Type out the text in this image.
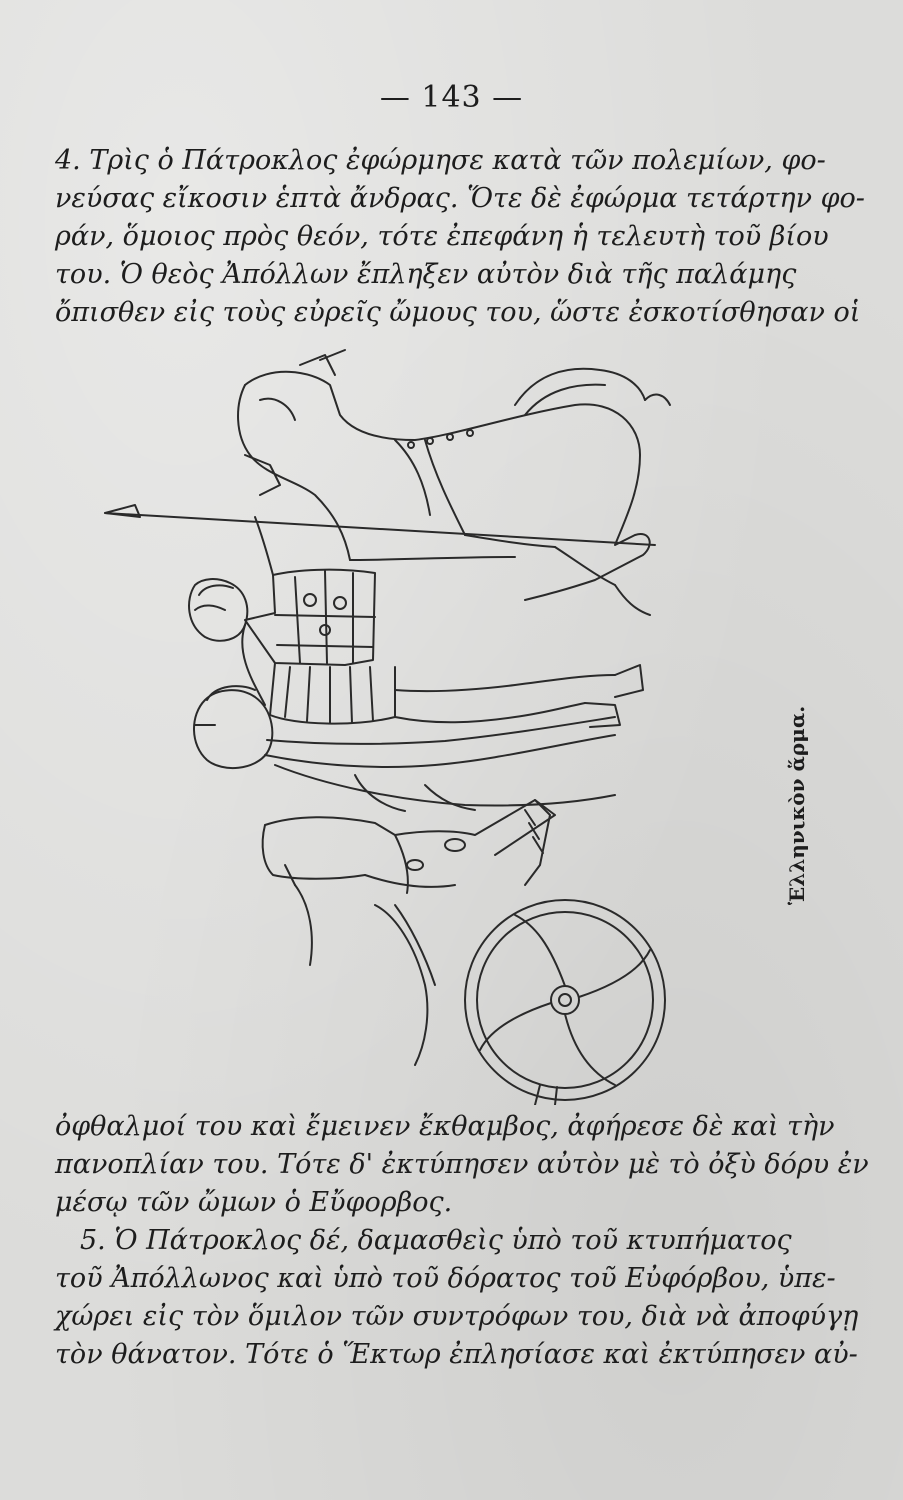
— 143 —
4. Τρὶς ὁ Πάτροκλος ἐφώρμησε κατὰ τῶν πολεμίων, φο-
νεύσας εἴκοσιν ἑπτὰ ἄνδρας. Ὅτε δὲ ἐφώρμα τετάρτην φο-
ράν, ὅμοιος πρὸς θεόν, τότε ἐπεφάνη ἡ τελευτὴ τοῦ βίου
του. Ὁ θεὸς Ἀπόλλων ἔπληξεν αὐτὸν διὰ τῆς παλάμης
ὄπισθεν εἰς τοὺς εὐρεῖς ὤμους του, ὥστε ἐσκοτίσθησαν οἱ
Ἑλληνικὸν ἅρμα.
ὀφθαλμοί του καὶ ἔμεινεν ἔκθαμβος, ἀφήρεσε δὲ καὶ τὴν
πανοπλίαν του. Τότε δ' ἐκτύπησεν αὐτὸν μὲ τὸ ὀξὺ δόρυ ἐν
μέσῳ τῶν ὤμων ὁ Εὔφορβος.
5. Ὁ Πάτροκλος δέ, δαμασθεὶς ὑπὸ τοῦ κτυπήματος
τοῦ Ἀπόλλωνος καὶ ὑπὸ τοῦ δόρατος τοῦ Εὐφόρβου, ὑπε-
χώρει εἰς τὸν ὅμιλον τῶν συντρόφων του, διὰ νὰ ἀποφύγῃ
τὸν θάνατον. Τότε ὁ Ἕκτωρ ἐπλησίασε καὶ ἐκτύπησεν αὐ-
